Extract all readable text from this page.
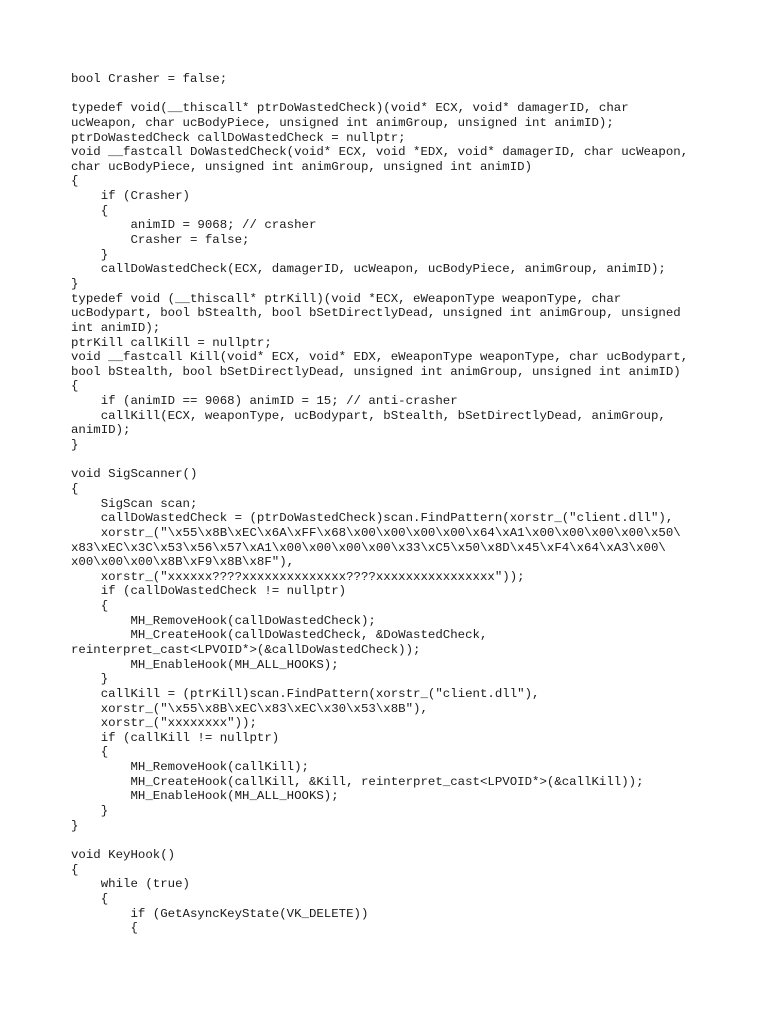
bool Crasher = false;
typedef void(__thiscall* ptrDoWastedCheck)(void* ECX, void* damagerID, char
ucWeapon, char ucBodyPiece, unsigned int animGroup, unsigned int animID);
ptrDoWastedCheck callDoWastedCheck = nullptr;
void __fastcall DoWastedCheck(void* ECX, void *EDX, void* damagerID, char ucWeapon,
char ucBodyPiece, unsigned int animGroup, unsigned int animID)
{
if (Crasher)
{
animID = 9068; // crasher
Crasher = false;
}
callDoWastedCheck(ECX, damagerID, ucWeapon, ucBodyPiece, animGroup, animID);
}
typedef void (__thiscall* ptrKill)(void *ECX, eWeaponType weaponType, char
ucBodypart, bool bStealth, bool bSetDirectlyDead, unsigned int animGroup, unsigned
int animID);
ptrKill callKill = nullptr;
void __fastcall Kill(void* ECX, void* EDX, eWeaponType weaponType, char ucBodypart,
bool bStealth, bool bSetDirectlyDead, unsigned int animGroup, unsigned int animID)
{
if (animID == 9068) animID = 15; // anti-crasher
callKill(ECX, weaponType, ucBodypart, bStealth, bSetDirectlyDead, animGroup,
animID);
}
void SigScanner()
{
SigScan scan;
callDoWastedCheck = (ptrDoWastedCheck)scan.FindPattern(xorstr_("client.dll"),
xorstr_("\x55\x8B\xEC\x6A\xFF\x68\x00\x00\x00\x00\x64\xA1\x00\x00\x00\x00\x50\
x83\xEC\x3C\x53\x56\x57\xA1\x00\x00\x00\x00\x33\xC5\x50\x8D\x45\xF4\x64\xA3\x00\
x00\x00\x00\x8B\xF9\x8B\x8F"),
xorstr_("xxxxxx????xxxxxxxxxxxxxx????xxxxxxxxxxxxxxxx"));
if (callDoWastedCheck != nullptr)
{
MH_RemoveHook(callDoWastedCheck);
MH_CreateHook(callDoWastedCheck, &DoWastedCheck,
reinterpret_cast<LPVOID*>(&callDoWastedCheck));
MH_EnableHook(MH_ALL_HOOKS);
}
callKill = (ptrKill)scan.FindPattern(xorstr_("client.dll"),
xorstr_("\x55\x8B\xEC\x83\xEC\x30\x53\x8B"),
xorstr_("xxxxxxxx"));
if (callKill != nullptr)
{
MH_RemoveHook(callKill);
MH_CreateHook(callKill, &Kill, reinterpret_cast<LPVOID*>(&callKill));
MH_EnableHook(MH_ALL_HOOKS);
}
}
void KeyHook()
{
while (true)
{
if (GetAsyncKeyState(VK_DELETE))
{
